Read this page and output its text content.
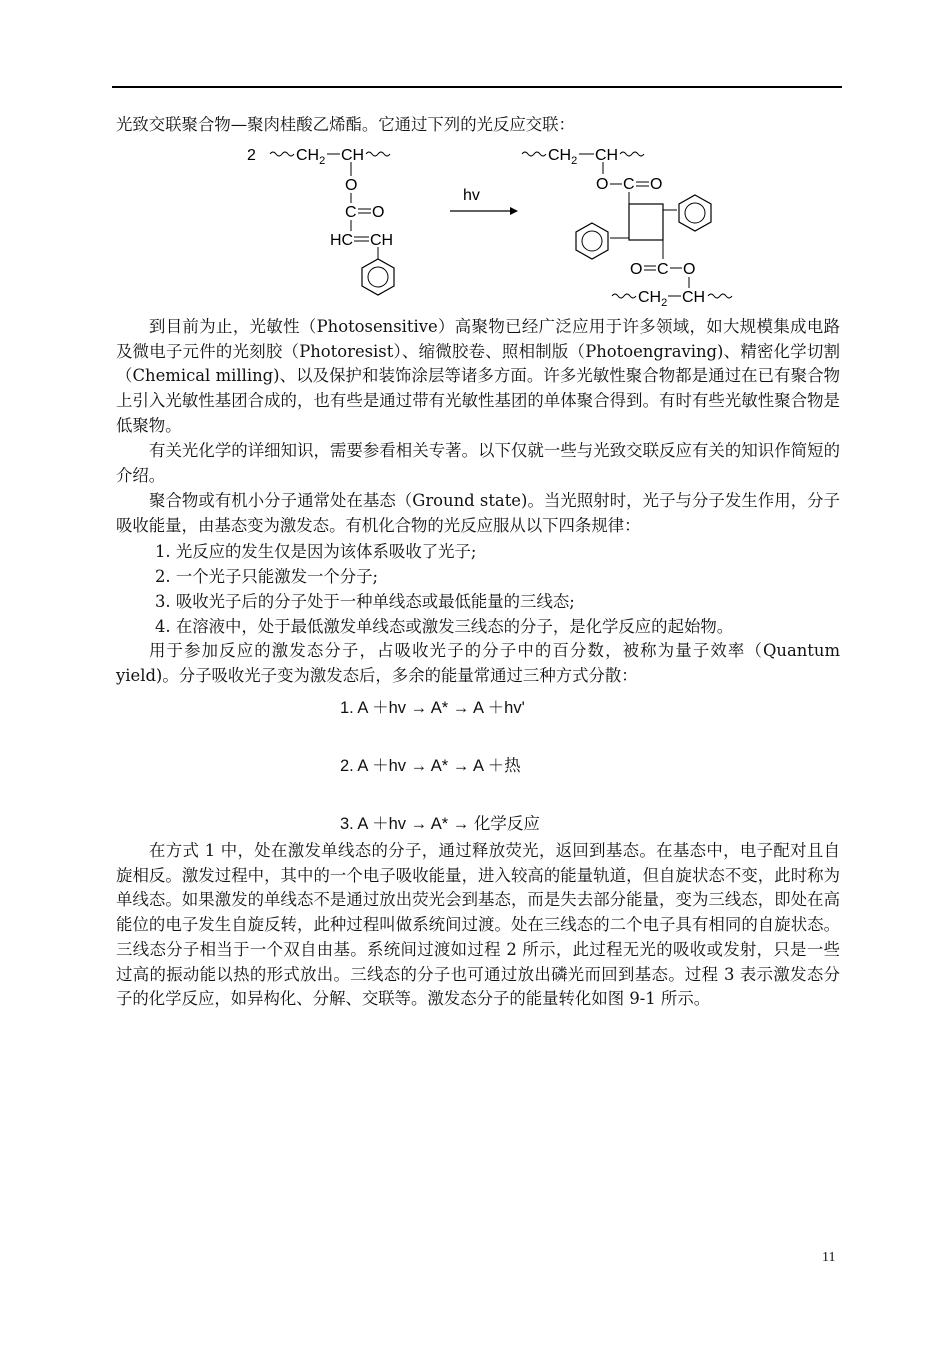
光致交联聚合物—聚肉桂酸乙烯酯。它通过下列的光反应交联：

2	$CH_2$ CH
O
C O
HC CH
hv
$CH_2$ CH
O C O
O C O
$CH_2$ CH

到目前为止，光敏性（Photosensitive）高聚物已经广泛应用于许多领域，如大规模集成电路及微电子元件的光刻胶（Photoresist）、缩微胶卷、照相制版（Photoengraving)、精密化学切割（Chemical milling)、以及保护和装饰涂层等诸多方面。许多光敏性聚合物都是通过在已有聚合物上引入光敏性基团合成的，也有些是通过带有光敏性基团的单体聚合得到。有时有些光敏性聚合物是低聚物。

有关光化学的详细知识，需要参看相关专著。以下仅就一些与光致交联反应有关的知识作简短的介绍。

聚合物或有机小分子通常处在基态（Ground state)。当光照射时，光子与分子发生作用，分子吸收能量，由基态变为激发态。有机化合物的光反应服从以下四条规律：

1. 光反应的发生仅是因为该体系吸收了光子;
2. 一个光子只能激发一个分子;
3. 吸收光子后的分子处于一种单线态或最低能量的三线态;
4. 在溶液中，处于最低激发单线态或激发三线态的分子，是化学反应的起始物。

用于参加反应的激发态分子，占吸收光子的分子中的百分数，被称为量子效率（Quantum yield)。分子吸收光子变为激发态后，多余的能量常通过三种方式分散：

1. A ＋hv → A* → A ＋hv'
2. A ＋hv → A* → A ＋热
3. A ＋hv → A* → 化学反应

在方式 1 中，处在激发单线态的分子，通过释放荧光，返回到基态。在基态中，电子配对且自旋相反。激发过程中，其中的一个电子吸收能量，进入较高的能量轨道，但自旋状态不变，此时称为单线态。如果激发的单线态不是通过放出荧光会到基态，而是失去部分能量，变为三线态，即处在高能位的电子发生自旋反转，此种过程叫做系统间过渡。处在三线态的二个电子具有相同的自旋状态。三线态分子相当于一个双自由基。系统间过渡如过程 2 所示，此过程无光的吸收或发射，只是一些过高的振动能以热的形式放出。三线态的分子也可通过放出磷光而回到基态。过程 3 表示激发态分子的化学反应，如异构化、分解、交联等。激发态分子的能量转化如图 9-1 所示。

11
